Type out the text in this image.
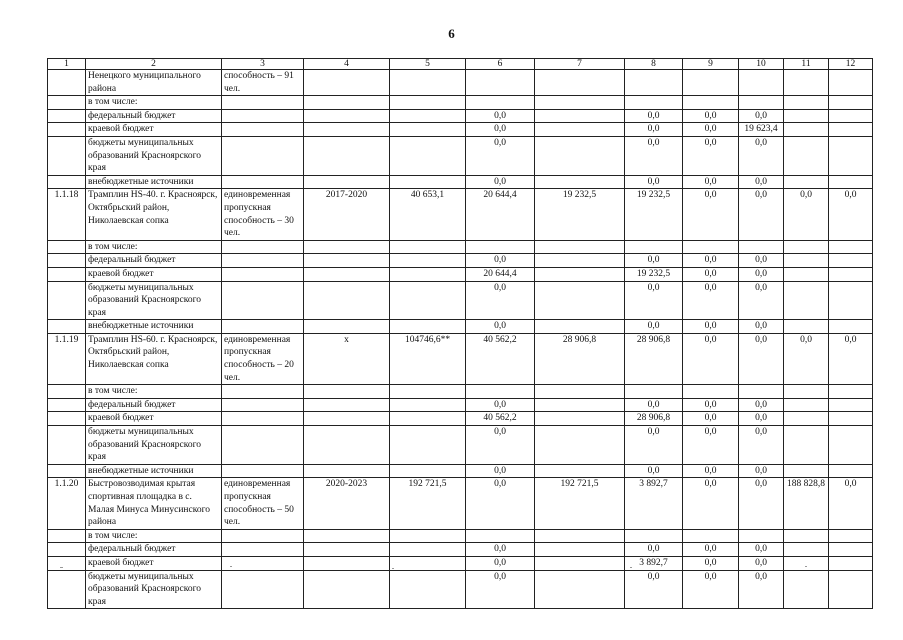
6
1	2	3	4	5	6	7	8	9	10	11	12
	Ненецкого муниципального района	способность – 91 чел.									
	в том числе:										
	федеральный бюджет				0,0		0,0	0,0	0,0		
	краевой бюджет				0,0		0,0	0,0	19 623,4		
	бюджеты муниципальных образований Красноярского края				0,0		0,0	0,0	0,0		
	внебюджетные источники				0,0		0,0	0,0	0,0		
1.1.18	Трамплин HS-40. г. Красноярск, Октябрьский район, Николаевская сопка	единовременная пропускная способность – 30 чел.	2017-2020	40 653,1	20 644,4	19 232,5	19 232,5	0,0	0,0	0,0	0,0
	в том числе:										
	федеральный бюджет				0,0		0,0	0,0	0,0		
	краевой бюджет				20 644,4		19 232,5	0,0	0,0		
	бюджеты муниципальных образований Красноярского края				0,0		0,0	0,0	0,0		
	внебюджетные источники				0,0		0,0	0,0	0,0		
1.1.19	Трамплин HS-60. г. Красноярск, Октябрьский район, Николаевская сопка	единовременная пропускная способность – 20 чел.	x	104746,6**	40 562,2	28 906,8	28 906,8	0,0	0,0	0,0	0,0
	в том числе:										
	федеральный бюджет				0,0		0,0	0,0	0,0		
	краевой бюджет				40 562,2		28 906,8	0,0	0,0		
	бюджеты муниципальных образований Красноярского края				0,0		0,0	0,0	0,0		
	внебюджетные источники				0,0		0,0	0,0	0,0		
1.1.20	Быстровозводимая крытая спортивная площадка в с. Малая Минуса Минусинского района	единовременная пропускная способность – 50 чел.	2020-2023	192 721,5	0,0	192 721,5	3 892,7	0,0	0,0	188 828,8	0,0
	в том числе:										
	федеральный бюджет				0,0		0,0	0,0	0,0		
	краевой бюджет				0,0		3 892,7	0,0	0,0		
	бюджеты муниципальных образований Красноярского края				0,0		0,0	0,0	0,0		
